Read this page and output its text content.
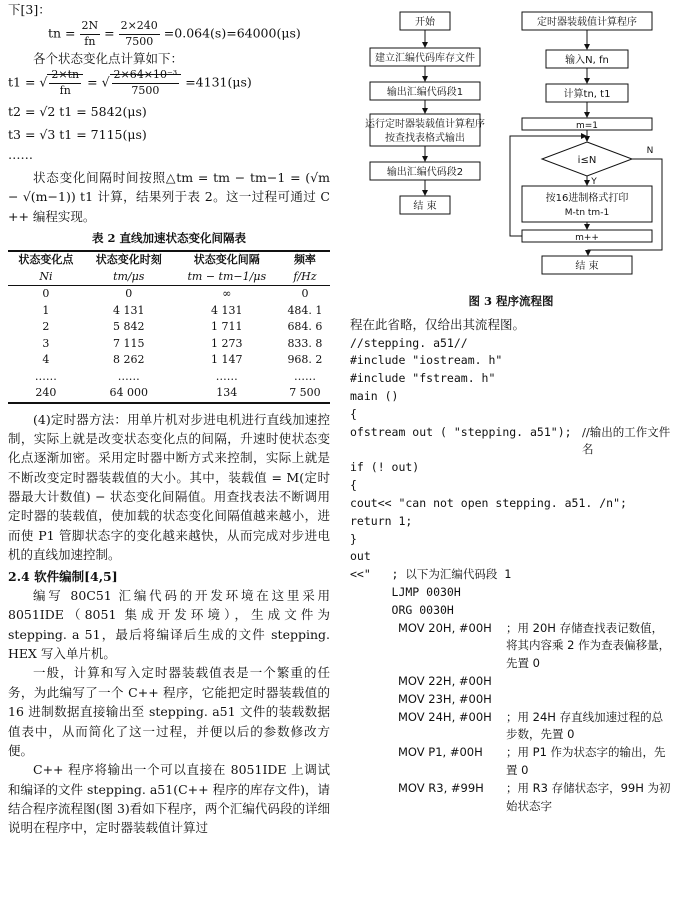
下[3]：

tn = $\frac{2N}{fn} = \frac{2\times 240}{7500} =0.064(s)=64000(\mu s)$

各个状态变化点计算如下：

t1 = √ $\frac{2\times tn}{fn}$ = √ $\frac{\text{2×64×10⁻³}}{7500} =4131(\mu s)$

t2 = √2 t1 = 5842(μs)

t3 = √3 t1 = 7115(μs)

……

状态变化间隔时间按照△tm = tm − tm−1 = (√m − √(m−1)) t1 计算，结果列于表 2。这一过程可通过 C ++ 编程实现。

表 2 直线加速状态变化间隔表
状态变化点	状态变化时刻	状态变化间隔	频率
Ni	tm/μs	tm − tm−1/μs	f/Hz
0	0	∞	0
1	4 131	4 131	484. 1
2	5 842	1 711	684. 6
3	7 115	1 273	833. 8
4	8 262	1 147	968. 2
……	……	……	……
240	64 000	134	7 500

(4)定时器方法：用单片机对步进电机进行直线加速控制，实际上就是改变状态变化点的间隔，升速时使状态变化点逐渐加密。采用定时器中断方式来控制，实际上就是不断改变定时器装载值的大小。其中，装载值 = M(定时器最大计数值) − 状态变化间隔值。用查找表法不断调用定时器的装载值，使加载的状态变化间隔值越来越小，进而使 P1 管脚状态字的变化越来越快，从而完成对步进电机的直线加速控制。

2.4 软件编制[4,5]

编写 80C51 汇编代码的开发环境在这里采用 8051IDE（8051 集成开发环境），生成文件为 stepping. a 51，最后将编译后生成的文件 stepping. HEX 写入单片机。

一般，计算和写入定时器装载值表是一个繁重的任务，为此编写了一个 C++ 程序，它能把定时器装载值的 16 进制数据直接输出至 stepping. a51 文件的装载数据值表中，从而简化了这一过程，并便以后的参数修改方便。

C++ 程序将输出一个可以直接在 8051IDE 上调试和编译的文件 stepping. a51(C++ 程序的库存文件)，请结合程序流程图(图 3)看如下程序，两个汇编代码段的详细说明在程序中，定时器装载值计算过

开始
建立汇编代码库存文件
输出汇编代码段1
运行定时器装载值计算程序
按查找表格式输出
输出汇编代码段2
结 束
定时器装载值计算程序
输入N, fn
计算tn, t1
m=1
i≤N
按16进制格式打印
M-tn tm-1
m++
结 束
Y
N
图 3 程序流程图

程在此省略，仅给出其流程图。

//stepping. a51//

#include "iostream. h"

#include "fstream. h"

main ()

{

ofstream out ( "stepping. a51"); //输出的工作文件名

if (! out)

{

cout<< "can not open stepping. a51. /n";

return 1;

}

out

<<"   ; 以下为汇编代码段 1

LJMP 0030H

ORG 0030H

MOV 20H, #00H	；用 20H 存储查找表记数值，将其内容乘 2 作为查表偏移量，先置 0
MOV 22H, #00H
MOV 23H, #00H
MOV 24H, #00H	；用 24H 存直线加速过程的总步数，先置 0
MOV P1, #00H	；用 P1 作为状态字的输出，先置 0
MOV R3, #99H	；用 R3 存储状态字，99H 为初始状态字
